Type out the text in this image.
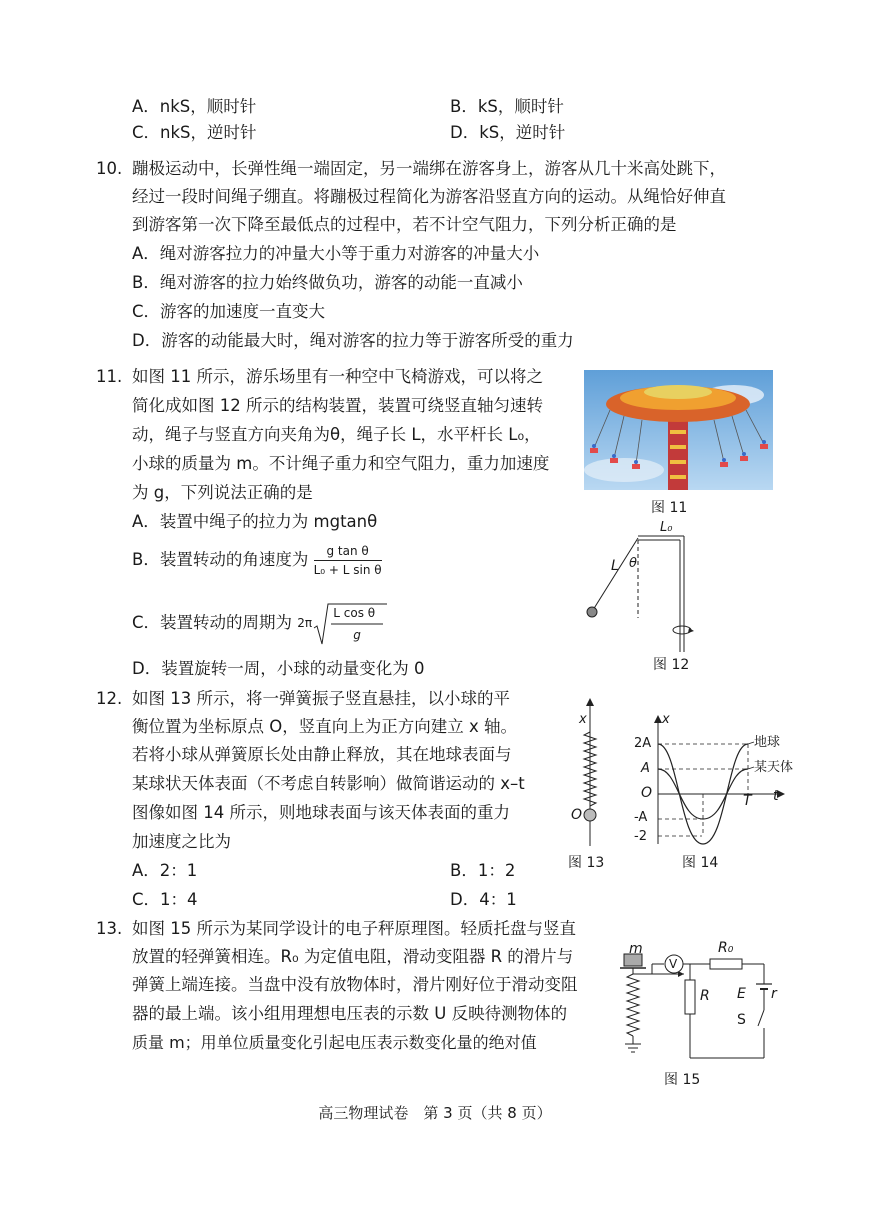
A．nkS，顺时针	B．kS，顺时针
C．nkS，逆时针	D．kS，逆时针
10. 蹦极运动中，长弹性绳一端固定，另一端绑在游客身上，游客从几十米高处跳下，
经过一段时间绳子绷直。将蹦极过程简化为游客沿竖直方向的运动。从绳恰好伸直
到游客第一次下降至最低点的过程中，若不计空气阻力，下列分析正确的是
A．绳对游客拉力的冲量大小等于重力对游客的冲量大小
B．绳对游客的拉力始终做负功，游客的动能一直减小
C．游客的加速度一直变大
D．游客的动能最大时，绳对游客的拉力等于游客所受的重力
11. 如图 11 所示，游乐场里有一种空中飞椅游戏，可以将之
简化成如图 12 所示的结构装置，装置可绕竖直轴匀速转
动，绳子与竖直方向夹角为θ，绳子长 L，水平杆长 L₀，
小球的质量为 m。不计绳子重力和空气阻力，重力加速度
为 g，下列说法正确的是
A．装置中绳子的拉力为 mgtanθ
B．装置转动的角速度为 $\frac{\text{g tan θ}}{\text{L₀ + L sin θ}}$
C．装置转动的周期为 2π
L cos θ
g
D．装置旋转一周，小球的动量变化为 0
图 11
L₀
L θ
图 12
12. 如图 13 所示，将一弹簧振子竖直悬挂，以小球的平
衡位置为坐标原点 O，竖直向上为正方向建立 x 轴。
若将小球从弹簧原长处由静止释放，其在地球表面与
某球状天体表面（不考虑自转影响）做简谐运动的 x–t
图像如图 14 所示，则地球表面与该天体表面的重力
加速度之比为
A．2：1	B．1：2
C．1：4	D．4：1
x
O
图 13
x
t
O	T
2A
A
-A
-2
地球
某天体
图 14
13. 如图 15 所示为某同学设计的电子秤原理图。轻质托盘与竖直
放置的轻弹簧相连。R₀ 为定值电阻，滑动变阻器 R 的滑片与
弹簧上端连接。当盘中没有放物体时，滑片刚好位于滑动变阻
器的最上端。该小组用理想电压表的示数 U 反映待测物体的
质量 m；用单位质量变化引起电压表示数变化量的绝对值
m
V
R₀
R E r
S
图 15
高三物理试卷　第 3 页（共 8 页）
